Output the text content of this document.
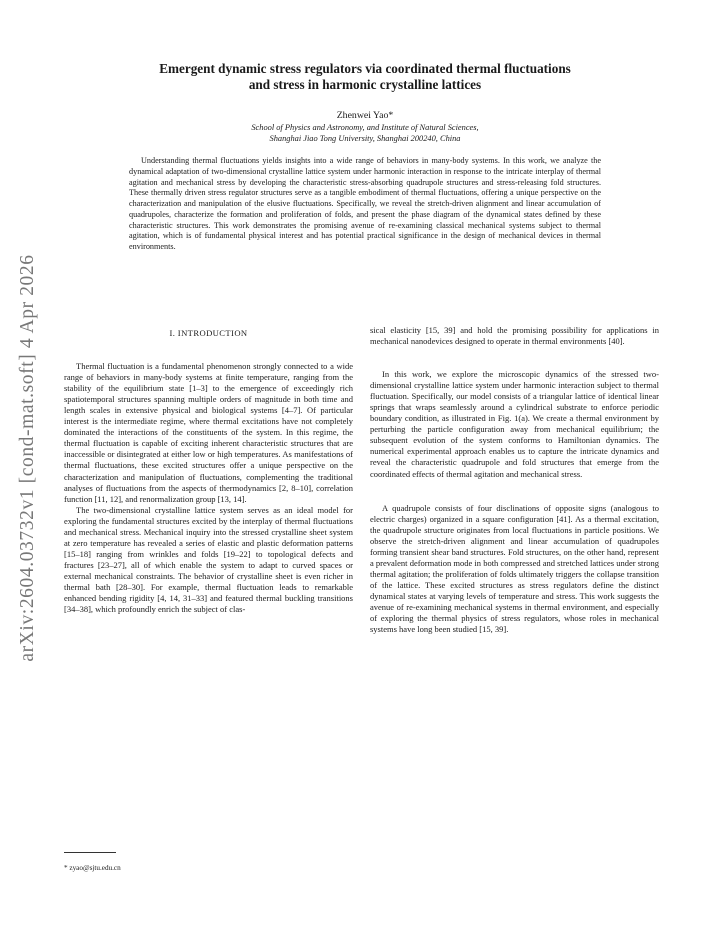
arXiv:2604.03732v1 [cond-mat.soft] 4 Apr 2026
Emergent dynamic stress regulators via coordinated thermal fluctuations
and stress in harmonic crystalline lattices
Zhenwei Yao*
School of Physics and Astronomy, and Institute of Natural Sciences,
Shanghai Jiao Tong University, Shanghai 200240, China

Understanding thermal fluctuations yields insights into a wide range of behaviors in many-body systems. In this work, we analyze the dynamical adaptation of two-dimensional crystalline lattice system under harmonic interaction in response to the intricate interplay of thermal agitation and mechanical stress by developing the characteristic stress-absorbing quadrupole structures and stress-releasing fold structures. These thermally driven stress regulator structures serve as a tangible embodiment of thermal fluctuations, offering a unique perspective on the characterization and manipulation of the elusive fluctuations. Specifically, we reveal the stretch-driven alignment and linear accumulation of quadrupoles, characterize the formation and proliferation of folds, and present the phase diagram of the dynamical states defined by these characteristic structures. This work demonstrates the promising avenue of re-examining classical mechanical systems subject to thermal agitation, which is of fundamental physical interest and has potential practical significance in the design of mechanical devices in thermal environments.

I. INTRODUCTION

Thermal fluctuation is a fundamental phenomenon strongly connected to a wide range of behaviors in many-body systems at finite temperature, ranging from the stability of the equilibrium state [1–3] to the emergence of exceedingly rich spatiotemporal structures spanning multiple orders of magnitude in both time and length scales in extensive physical and biological systems [4–7]. Of particular interest is the intermediate regime, where thermal excitations have not completely dominated the interactions of the constituents of the system. In this regime, the thermal fluctuation is capable of exciting inherent characteristic structures that are inaccessible or disintegrated at either low or high temperatures. As manifestations of thermal fluctuations, these excited structures offer a unique perspective on the characterization and manipulation of fluctuations, complementing the traditional analyses of fluctuations from the aspects of thermodynamics [2, 8–10], correlation function [11, 12], and renormalization group [13, 14].

The two-dimensional crystalline lattice system serves as an ideal model for exploring the fundamental structures excited by the interplay of thermal fluctuations and mechanical stress. Mechanical inquiry into the stressed crystalline sheet system at zero temperature has revealed a series of elastic and plastic deformation patterns [15–18] ranging from wrinkles and folds [19–22] to topological defects and fractures [23–27], all of which enable the system to adapt to curved spaces or external mechanical constraints. The behavior of crystalline sheet is even richer in thermal bath [28–30]. For example, thermal fluctuation leads to remarkable enhanced bending rigidity [4, 14, 31–33] and featured thermal buckling transitions [34–38], which profoundly enrich the subject of clas-

sical elasticity [15, 39] and hold the promising possibility for applications in mechanical nanodevices designed to operate in thermal environments [40].

In this work, we explore the microscopic dynamics of the stressed two-dimensional crystalline lattice system under harmonic interaction subject to thermal fluctuation. Specifically, our model consists of a triangular lattice of identical linear springs that wraps seamlessly around a cylindrical substrate to enforce periodic boundary condition, as illustrated in Fig. 1(a). We create a thermal environment by perturbing the particle configuration away from mechanical equilibrium; the subsequent evolution of the system conforms to Hamiltonian dynamics. The numerical experimental approach enables us to capture the intricate dynamics and reveal the characteristic quadrupole and fold structures that emerge from the coordinated effects of thermal agitation and mechanical stress.

A quadrupole consists of four disclinations of opposite signs (analogous to electric charges) organized in a square configuration [41]. As a thermal excitation, the quadrupole structure originates from local fluctuations in particle positions. We observe the stretch-driven alignment and linear accumulation of quadrupoles forming transient shear band structures. Fold structures, on the other hand, represent a prevalent deformation mode in both compressed and stretched lattices under strong thermal agitation; the proliferation of folds ultimately triggers the collapse transition of the lattice. These excited structures as stress regulators define the distinct dynamical states at varying levels of temperature and stress. This work suggests the avenue of re-examining mechanical systems in thermal environment, and especially of exploring the thermal physics of stress regulators, whose roles in mechanical systems have long been studied [15, 39].

* zyao@sjtu.edu.cn
